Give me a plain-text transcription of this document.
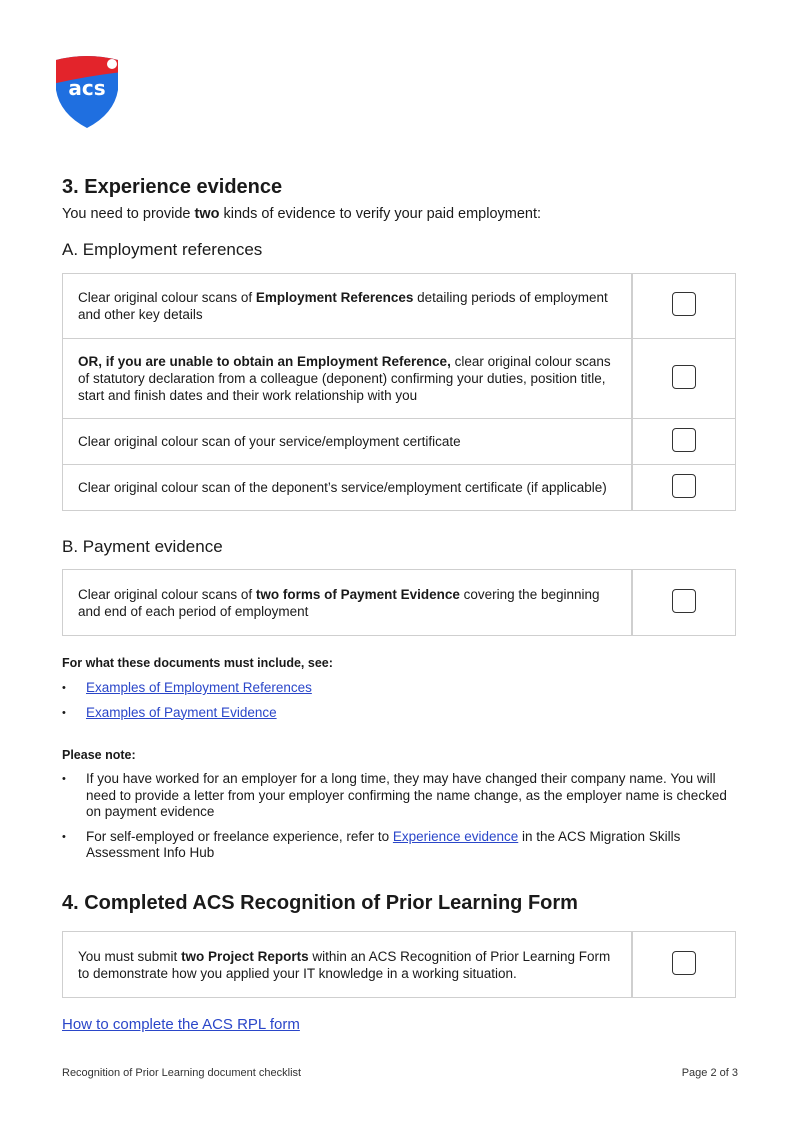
acs
3. Experience evidence
You need to provide two kinds of evidence to verify your paid employment:
A. Employment references
Clear original colour scans of Employment References detailing periods of employment and other key details	
OR, if you are unable to obtain an Employment Reference, clear original colour scans of statutory declaration from a colleague (deponent) confirming your duties, position title, start and finish dates and their work relationship with you	
Clear original colour scan of your service/employment certificate	
Clear original colour scan of the deponent’s service/employment certificate (if applicable)	
B. Payment evidence
Clear original colour scans of two forms of Payment Evidence covering the beginning and end of each period of employment	
For what these documents must include, see:
• Examples of Employment References
• Examples of Payment Evidence
Please note:
• If you have worked for an employer for a long time, they may have changed their company name. You will need to provide a letter from your employer confirming the name change, as the employer name is checked on payment evidence
• For self-employed or freelance experience, refer to Experience evidence in the ACS Migration Skills Assessment Info Hub
4. Completed ACS Recognition of Prior Learning Form
You must submit two Project Reports within an ACS Recognition of Prior Learning Form to demonstrate how you applied your IT knowledge in a working situation.	
How to complete the ACS RPL form
Recognition of Prior Learning document checklist	Page 2 of 3
